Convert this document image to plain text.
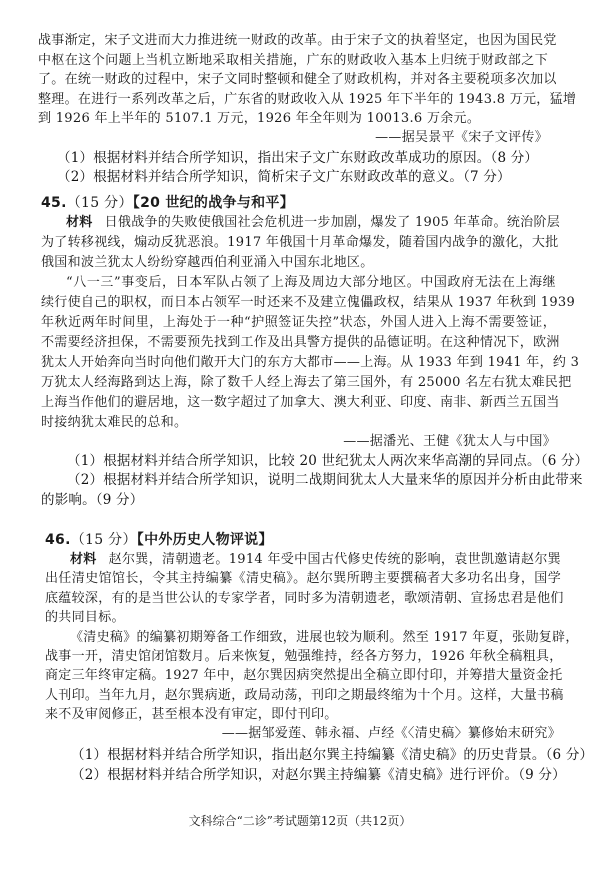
战事渐定，宋子文进而大力推进统一财政的改革。由于宋子文的执着坚定，也因为国民党
中枢在这个问题上当机立断地采取相关措施，广东的财政收入基本上归统于财政部之下
了。在统一财政的过程中，宋子文同时整顿和健全了财政机构，并对各主要税项多次加以
整理。在进行一系列改革之后，广东省的财政收入从 1925 年下半年的 1943.8 万元，猛增
到 1926 年上半年的 5107.1 万元，1926 年全年则为 10013.6 万余元。
——据吴景平《宋子文评传》
（1）根据材料并结合所学知识，指出宋子文广东财政改革成功的原因。（8 分）
（2）根据材料并结合所学知识，简析宋子文广东财政改革的意义。（7 分）
45.（15 分）【20 世纪的战争与和平】
材料 日俄战争的失败使俄国社会危机进一步加剧，爆发了 1905 年革命。统治阶层
为了转移视线，煽动反犹恶浪。1917 年俄国十月革命爆发，随着国内战争的激化，大批
俄国和波兰犹太人纷纷穿越西伯利亚涌入中国东北地区。
“八一三”事变后，日本军队占领了上海及周边大部分地区。中国政府无法在上海继
续行使自己的职权，而日本占领军一时还来不及建立傀儡政权，结果从 1937 年秋到 1939
年秋近两年时间里，上海处于一种“护照签证失控”状态，外国人进入上海不需要签证，
不需要经济担保，不需要预先找到工作及出具警方提供的品德证明。在这种情况下，欧洲
犹太人开始奔向当时向他们敞开大门的东方大都市——上海。从 1933 年到 1941 年，约 3
万犹太人经海路到达上海，除了数千人经上海去了第三国外，有 25000 名左右犹太难民把
上海当作他们的避居地，这一数字超过了加拿大、澳大利亚、印度、南非、新西兰五国当
时接纳犹太难民的总和。
——据潘光、王健《犹太人与中国》
（1）根据材料并结合所学知识，比较 20 世纪犹太人两次来华高潮的异同点。（6 分）
（2）根据材料并结合所学知识，说明二战期间犹太人大量来华的原因并分析由此带来
的影响。（9 分）
46.（15 分）【中外历史人物评说】
材料 赵尔巽，清朝遗老。1914 年受中国古代修史传统的影响，袁世凯邀请赵尔巽
出任清史馆馆长，令其主持编纂《清史稿》。赵尔巽所聘主要撰稿者大多功名出身，国学
底蕴较深，有的是当世公认的专家学者，同时多为清朝遗老，歌颂清朝、宣扬忠君是他们
的共同目标。
《清史稿》的编纂初期筹备工作细致，进展也较为顺利。然至 1917 年夏，张勋复辟，
战事一开，清史馆闭馆数月。后来恢复，勉强维持，经各方努力，1926 年秋全稿粗具，
商定三年终审定稿。1927 年中，赵尔巽因病突然提出全稿立即付印，并筹措大量资金托
人刊印。当年九月，赵尔巽病逝，政局动荡，刊印之期最终缩为十个月。这样，大量书稿
来不及审阅修正，甚至根本没有审定，即付刊印。
——据邹爱莲、韩永福、卢经《〈清史稿〉纂修始末研究》
（1）根据材料并结合所学知识，指出赵尔巽主持编纂《清史稿》的历史背景。（6 分）
（2）根据材料并结合所学知识，对赵尔巽主持编纂《清史稿》进行评价。（9 分）
文科综合“二诊”考试题第12页（共12页）
